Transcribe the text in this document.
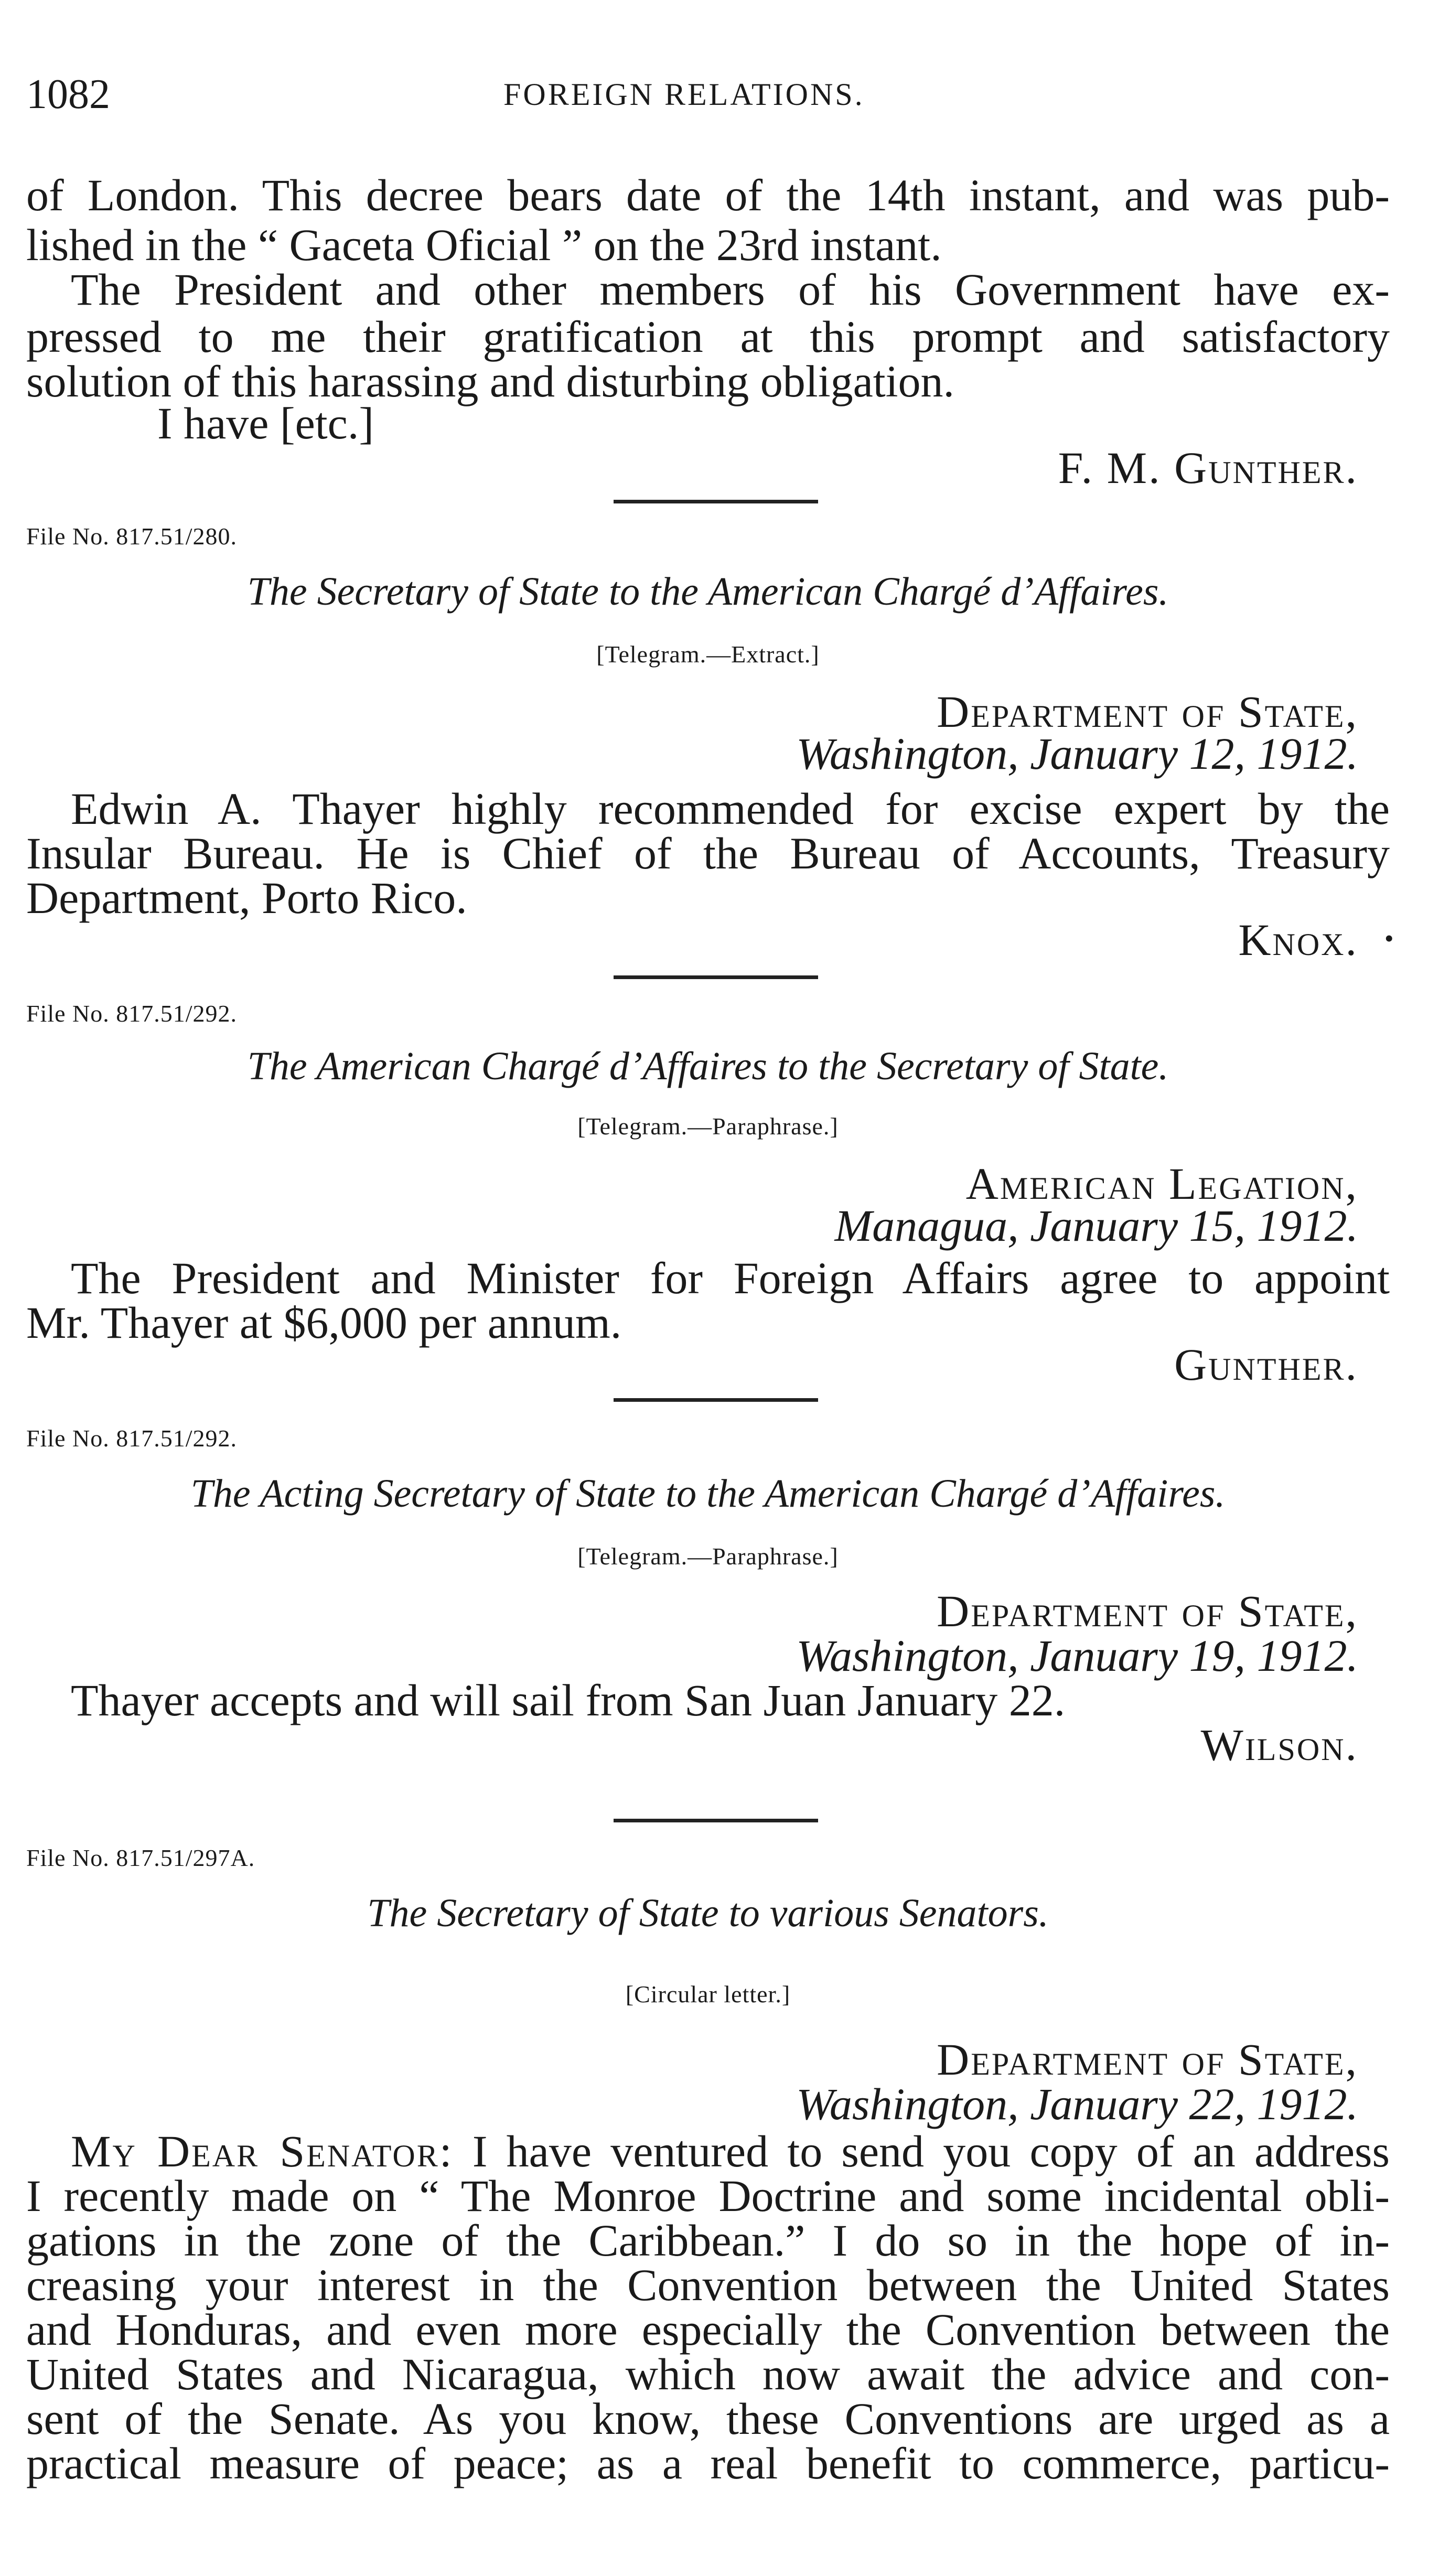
1082	FOREIGN RELATIONS.
of London. This decree bears date of the 14th instant, and was pub-
lished in the “ Gaceta Oficial ” on the 23rd instant.
The President and other members of his Government have ex-
pressed to me their gratification at this prompt and satisfactory
solution of this harassing and disturbing obligation.
I have [etc.]
F. M. Gunther.
File No. 817.51/280.
The Secretary of State to the American Chargé d’Affaires.
[Telegram.—Extract.]
Department of State,
Washington, January 12, 1912.
Edwin A. Thayer highly recommended for excise expert by the
Insular Bureau. He is Chief of the Bureau of Accounts, Treasury
Department, Porto Rico.
Knox. •
File No. 817.51/292.
The American Chargé d’Affaires to the Secretary of State.
[Telegram.—Paraphrase.]
American Legation,
Managua, January 15, 1912.
The President and Minister for Foreign Affairs agree to appoint
Mr. Thayer at $6,000 per annum.
Gunther.
File No. 817.51/292.
The Acting Secretary of State to the American Chargé d’Affaires.
[Telegram.—Paraphrase.]
Department of State,
Washington, January 19, 1912.
Thayer accepts and will sail from San Juan January 22.
Wilson.
File No. 817.51/297A.
The Secretary of State to various Senators.
[Circular letter.]
Department of State,
Washington, January 22, 1912.
My Dear Senator: I have ventured to send you copy of an address
I recently made on “ The Monroe Doctrine and some incidental obli-
gations in the zone of the Caribbean.” I do so in the hope of in-
creasing your interest in the Convention between the United States
and Honduras, and even more especially the Convention between the
United States and Nicaragua, which now await the advice and con-
sent of the Senate. As you know, these Conventions are urged as a
practical measure of peace; as a real benefit to commerce, particu-
